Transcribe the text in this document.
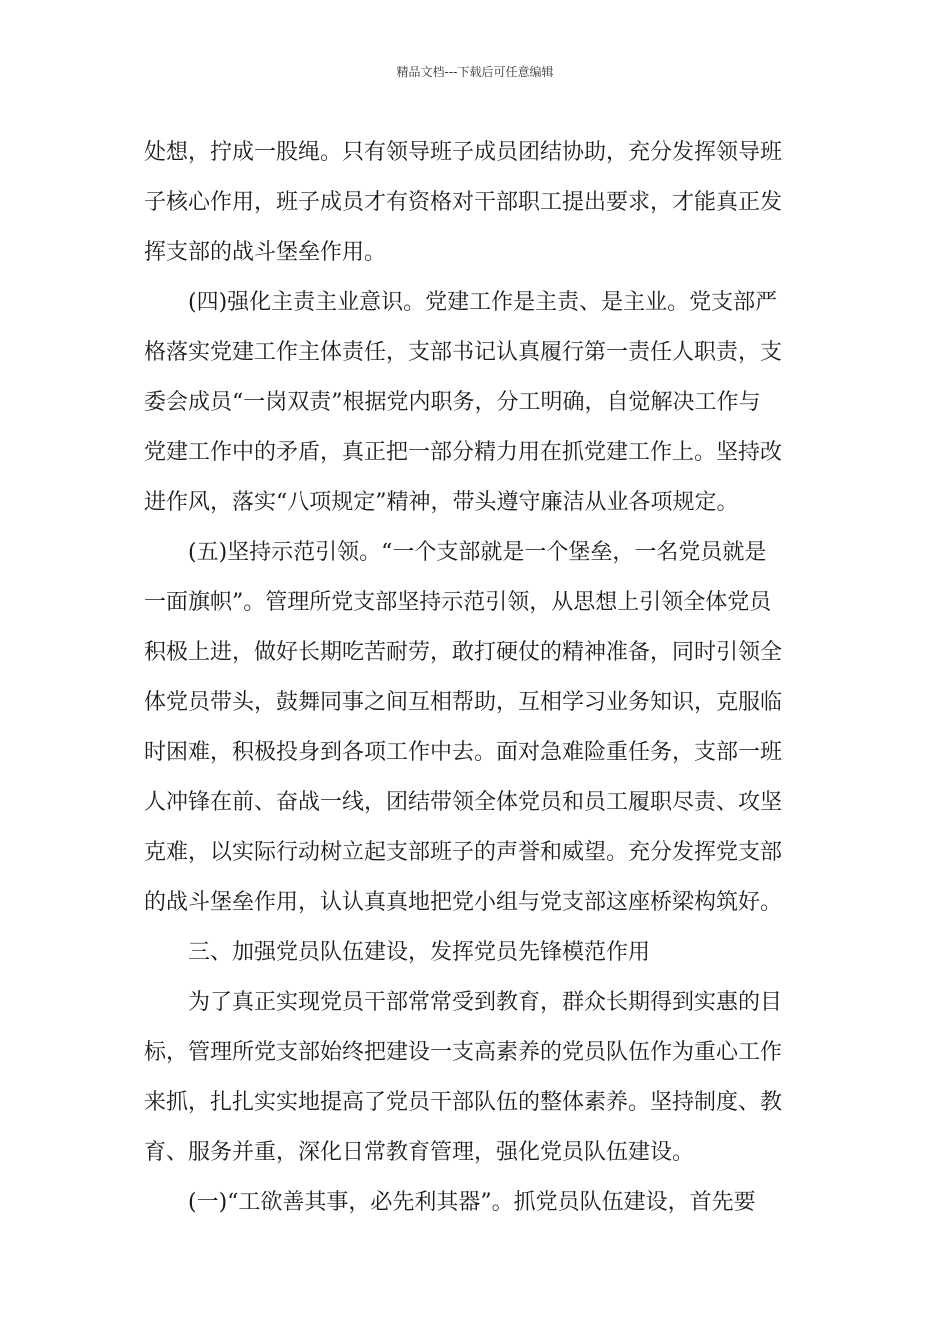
精品文档---下载后可任意编辑
处想，拧成一股绳。只有领导班子成员团结协助，充分发挥领导班
子核心作用，班子成员才有资格对干部职工提出要求，才能真正发
挥支部的战斗堡垒作用。
(四)强化主责主业意识。党建工作是主责、是主业。党支部严
格落实党建工作主体责任，支部书记认真履行第一责任人职责，支
委会成员“一岗双责”根据党内职务，分工明确，自觉解决工作与
党建工作中的矛盾，真正把一部分精力用在抓党建工作上。坚持改
进作风，落实“八项规定”精神，带头遵守廉洁从业各项规定。
(五)坚持示范引领。“一个支部就是一个堡垒，一名党员就是
一面旗帜”。管理所党支部坚持示范引领，从思想上引领全体党员
积极上进，做好长期吃苦耐劳，敢打硬仗的精神准备，同时引领全
体党员带头，鼓舞同事之间互相帮助，互相学习业务知识，克服临
时困难，积极投身到各项工作中去。面对急难险重任务，支部一班
人冲锋在前、奋战一线，团结带领全体党员和员工履职尽责、攻坚
克难，以实际行动树立起支部班子的声誉和威望。充分发挥党支部
的战斗堡垒作用，认认真真地把党小组与党支部这座桥梁构筑好。
三、加强党员队伍建设，发挥党员先锋模范作用
为了真正实现党员干部常常受到教育，群众长期得到实惠的目
标，管理所党支部始终把建设一支高素养的党员队伍作为重心工作
来抓，扎扎实实地提高了党员干部队伍的整体素养。坚持制度、教
育、服务并重，深化日常教育管理，强化党员队伍建设。
(一)“工欲善其事，必先利其器”。抓党员队伍建设，首先要
